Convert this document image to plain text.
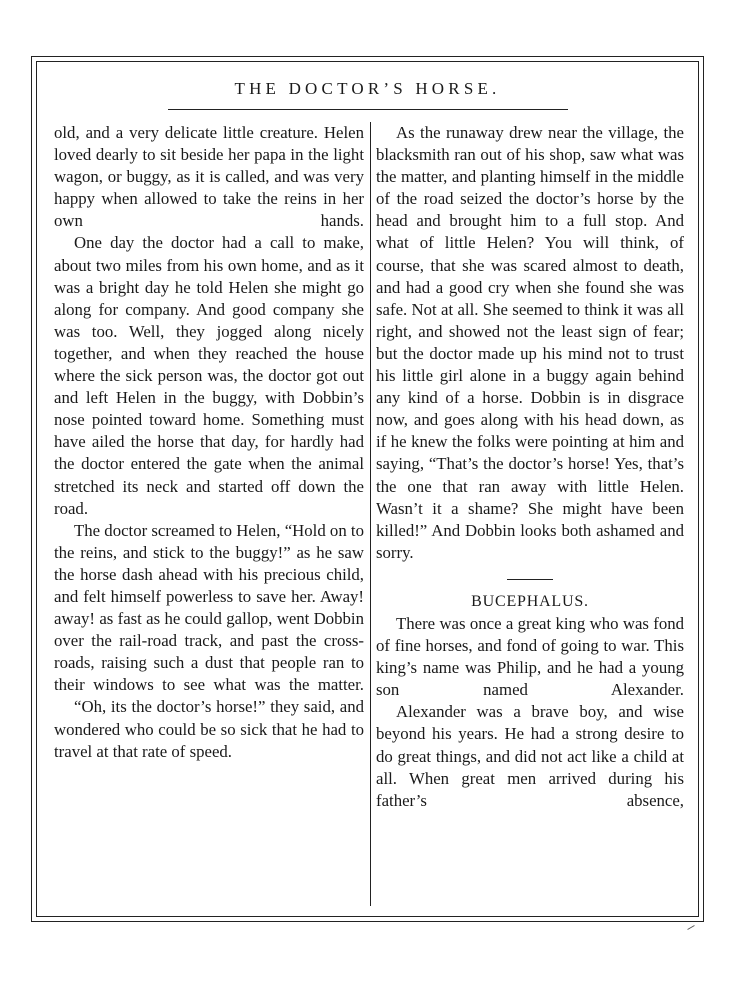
THE DOCTOR’S HORSE.

old, and a very delicate little creature. Helen loved dearly to sit beside her papa in the light wagon, or buggy, as it is called, and was very happy when allowed to take the reins in her own hands.

One day the doctor had a call to make, about two miles from his own home, and as it was a bright day he told Helen she might go along for company. And good company she was too. Well, they jogged along nicely together, and when they reached the house where the sick person was, the doctor got out and left Helen in the buggy, with Dobbin’s nose pointed toward home. Something must have ailed the horse that day, for hardly had the doctor entered the gate when the animal stretched its neck and started off down the road.

The doctor screamed to Helen, “Hold on to the reins, and stick to the buggy!” as he saw the horse dash ahead with his precious child, and felt himself powerless to save her. Away! away! as fast as he could gallop, went Dobbin over the rail-road track, and past the cross-roads, raising such a dust that people ran to their windows to see what was the matter.

“Oh, its the doctor’s horse!” they said, and wondered who could be so sick that he had to travel at that rate of speed.

As the runaway drew near the village, the blacksmith ran out of his shop, saw what was the matter, and planting himself in the middle of the road seized the doctor’s horse by the head and brought him to a full stop. And what of little Helen? You will think, of course, that she was scared almost to death, and had a good cry when she found she was safe. Not at all. She seemed to think it was all right, and showed not the least sign of fear; but the doctor made up his mind not to trust his little girl alone in a buggy again behind any kind of a horse. Dobbin is in disgrace now, and goes along with his head down, as if he knew the folks were pointing at him and saying, “That’s the doctor’s horse! Yes, that’s the one that ran away with little Helen. Wasn’t it a shame? She might have been killed!” And Dobbin looks both ashamed and sorry.

BUCEPHALUS.

There was once a great king who was fond of fine horses, and fond of going to war. This king’s name was Philip, and he had a young son named Alexander.

Alexander was a brave boy, and wise beyond his years. He had a strong desire to do great things, and did not act like a child at all. When great men arrived during his father’s absence,
